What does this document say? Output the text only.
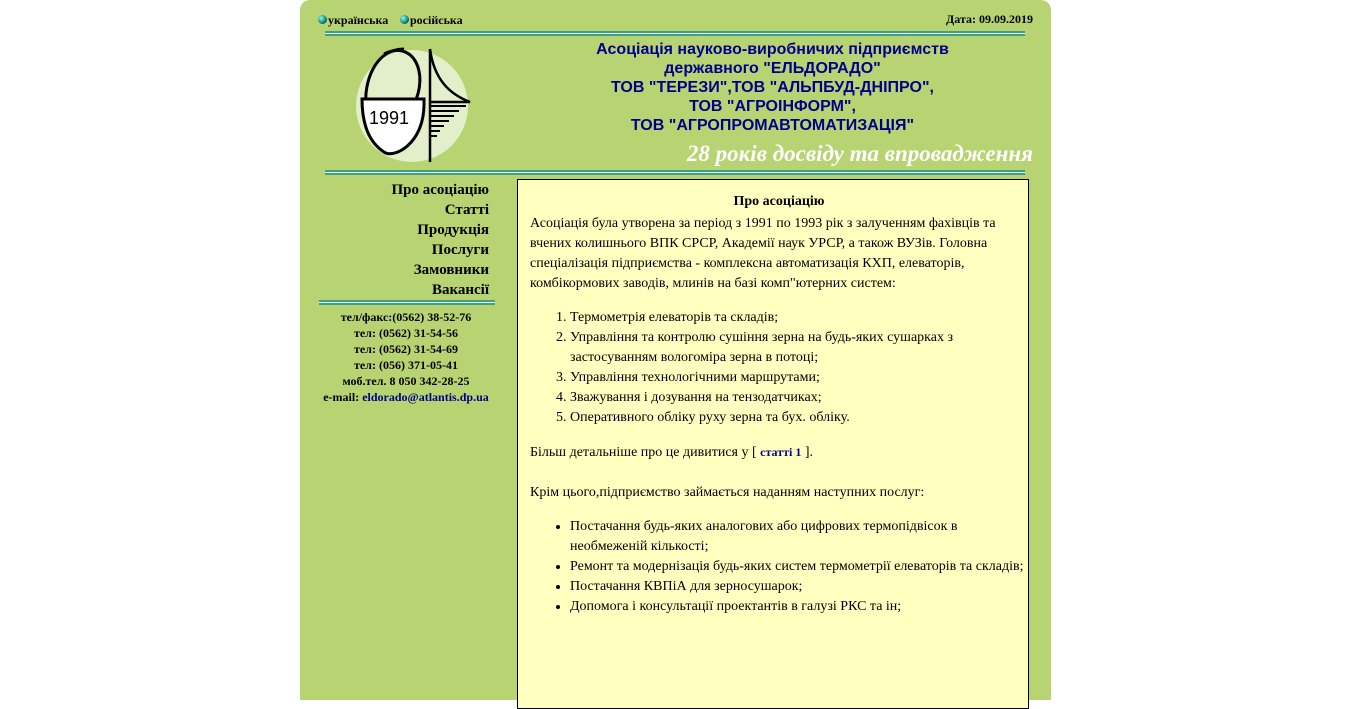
українська	російська	Дата: 09.09.2019
1991
Асоціація науково-виробничих підприємств
державного "ЕЛЬДОРАДО"
ТОВ "ТЕРЕЗИ",ТОВ "АЛЬПБУД-ДНІПРО",
ТОВ "АГРОІНФОРМ",
ТОВ "АГРОПРОМАВТОМАТИЗАЦІЯ"
28 років досвіду та впровадження
Про асоціацію
Статті
Продукція
Послуги
Замовники
Вакансії
тел/факс:(0562) 38-52-76
тел: (0562) 31-54-56
тел: (0562) 31-54-69
тел: (056) 371-05-41
моб.тел. 8 050 342-28-25
e-mail: eldorado@atlantis.dp.ua
Про асоціацію

Асоціація була утворена за період з 1991 по 1993 рік з залученням фахівців та вчених колишнього ВПК СРСР, Академії наук УРСР, а також ВУЗів. Головна спеціалізація підприємства - комплексна автоматизація КХП, елеваторів, комбікормових заводів, млинів на базі комп"ютерних систем:

1. Термометрія елеваторів та складів;
2. Управління та контролю сушіння зерна на будь-яких сушарках з застосуванням вологоміра зерна в потоці;
3. Управління технологічними маршрутами;
4. Зважування і дозування на тензодатчиках;
5. Оперативного обліку руху зерна та бух. обліку.

Більш детальніше про це дивитися у [ статті 1 ].

Крім цього,підприємство займається наданням наступних послуг:

• Постачання будь-яких аналогових або цифрових термопідвісок в необмеженій кількості;
• Ремонт та модернізація будь-яких систем термометрії елеваторів та складів;
• Постачання КВПіА для зерносушарок;
• Допомога і консультації проектантів в галузі РКС та ін;
